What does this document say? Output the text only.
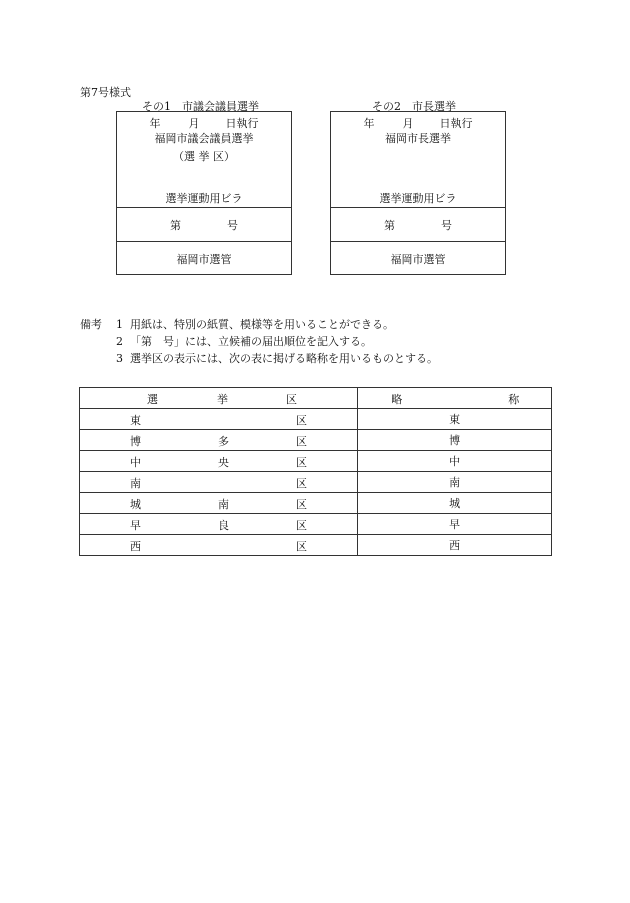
第7号様式
その1　市議会議員選挙	その2　市長選挙
年	月 日執行
福岡市議会議員選挙
（選 挙 区）
選挙運動用ビラ
第	号
福岡市選管
年	月 日執行
福岡市長選挙
選挙運動用ビラ
第	号
福岡市選管
備考	1 用紙は、特別の紙質、模様等を用いることができる。
2 「第　号」には、立候補の届出順位を記入する。
3 選挙区の表示には、次の表に掲げる略称を用いるものとする。
選 挙 区	略 称

東 区	東

博 多 区	博

中 央 区	中

南 区	南

城 南 区	城

早 良 区	早

西 区	西
